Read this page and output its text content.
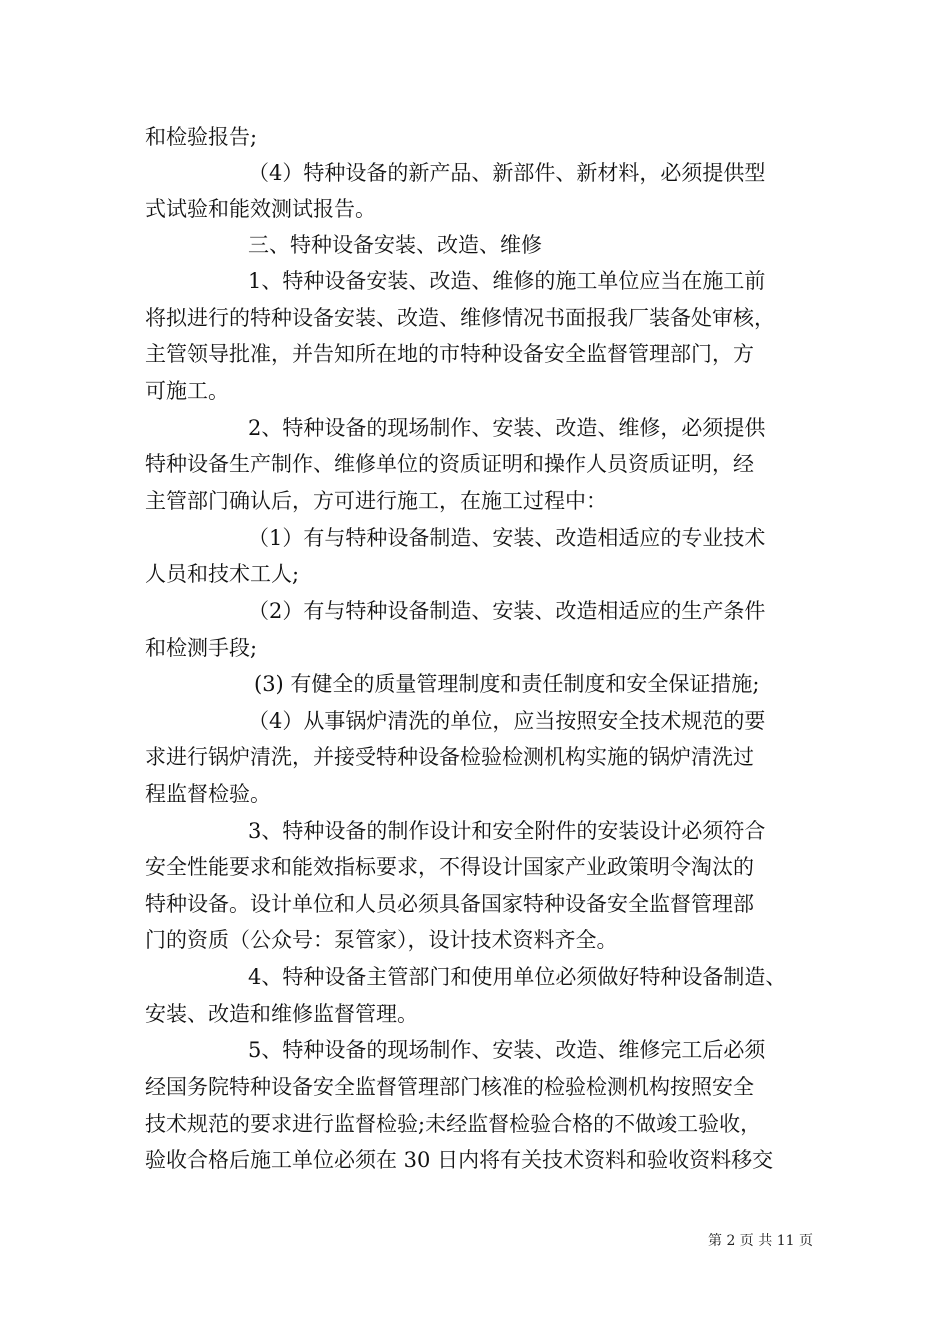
和检验报告;
（4）特种设备的新产品、新部件、新材料，必须提供型
式试验和能效测试报告。
三、特种设备安装、改造、维修
1、特种设备安装、改造、维修的施工单位应当在施工前
将拟进行的特种设备安装、改造、维修情况书面报我厂装备处审核，
主管领导批准，并告知所在地的市特种设备安全监督管理部门，方
可施工。
2、特种设备的现场制作、安装、改造、维修，必须提供
特种设备生产制作、维修单位的资质证明和操作人员资质证明，经
主管部门确认后，方可进行施工，在施工过程中：
（1）有与特种设备制造、安装、改造相适应的专业技术
人员和技术工人;
（2）有与特种设备制造、安装、改造相适应的生产条件
和检测手段;
(3) 有健全的质量管理制度和责任制度和安全保证措施;
（4）从事锅炉清洗的单位，应当按照安全技术规范的要
求进行锅炉清洗，并接受特种设备检验检测机构实施的锅炉清洗过
程监督检验。
3、特种设备的制作设计和安全附件的安装设计必须符合
安全性能要求和能效指标要求，不得设计国家产业政策明令淘汰的
特种设备。设计单位和人员必须具备国家特种设备安全监督管理部
门的资质（公众号：泵管家），设计技术资料齐全。
4、特种设备主管部门和使用单位必须做好特种设备制造、
安装、改造和维修监督管理。
5、特种设备的现场制作、安装、改造、维修完工后必须
经国务院特种设备安全监督管理部门核准的检验检测机构按照安全
技术规范的要求进行监督检验;未经监督检验合格的不做竣工验收，
验收合格后施工单位必须在 30 日内将有关技术资料和验收资料移交
第 2 页 共 11 页
